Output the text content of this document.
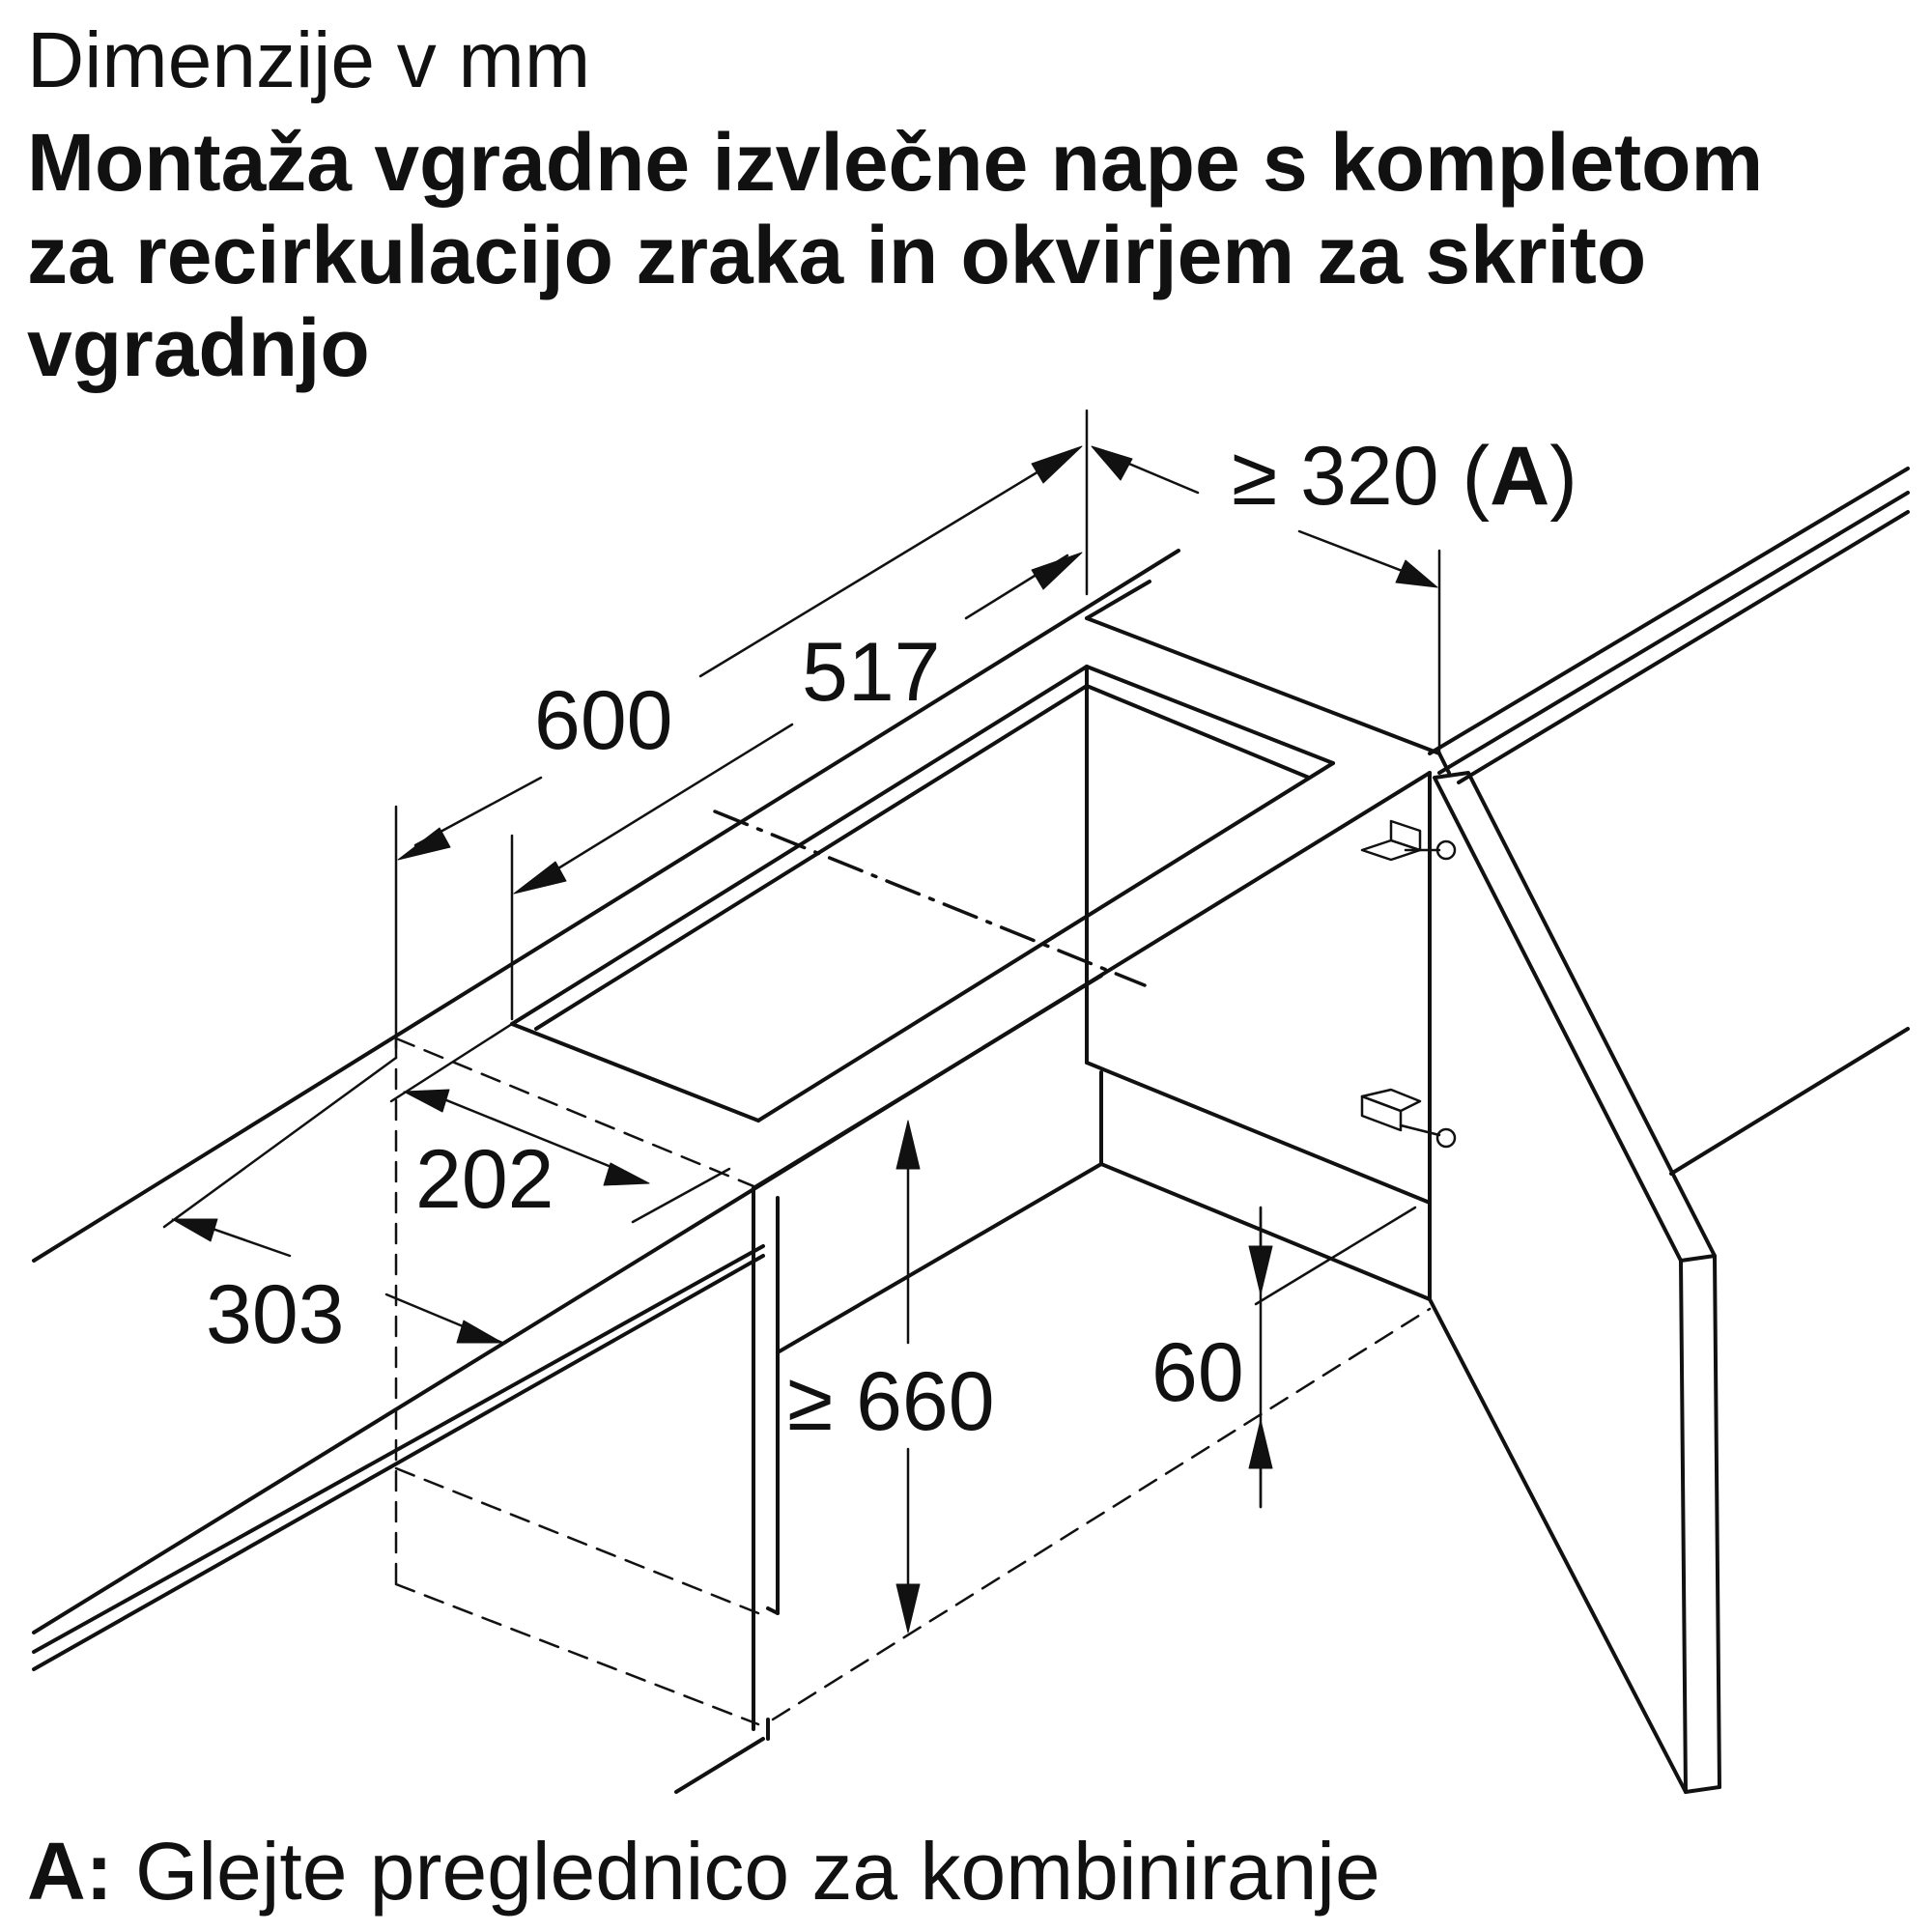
Dimenzije v mm
Montaža vgradne izvlečne nape s kompletom za recirkulacijo zraka in okvirjem za skrito vgradnjo
≥ 320 (A)
517
600
202
303
≥ 660 60
A: Glejte preglednico za kombiniranje
